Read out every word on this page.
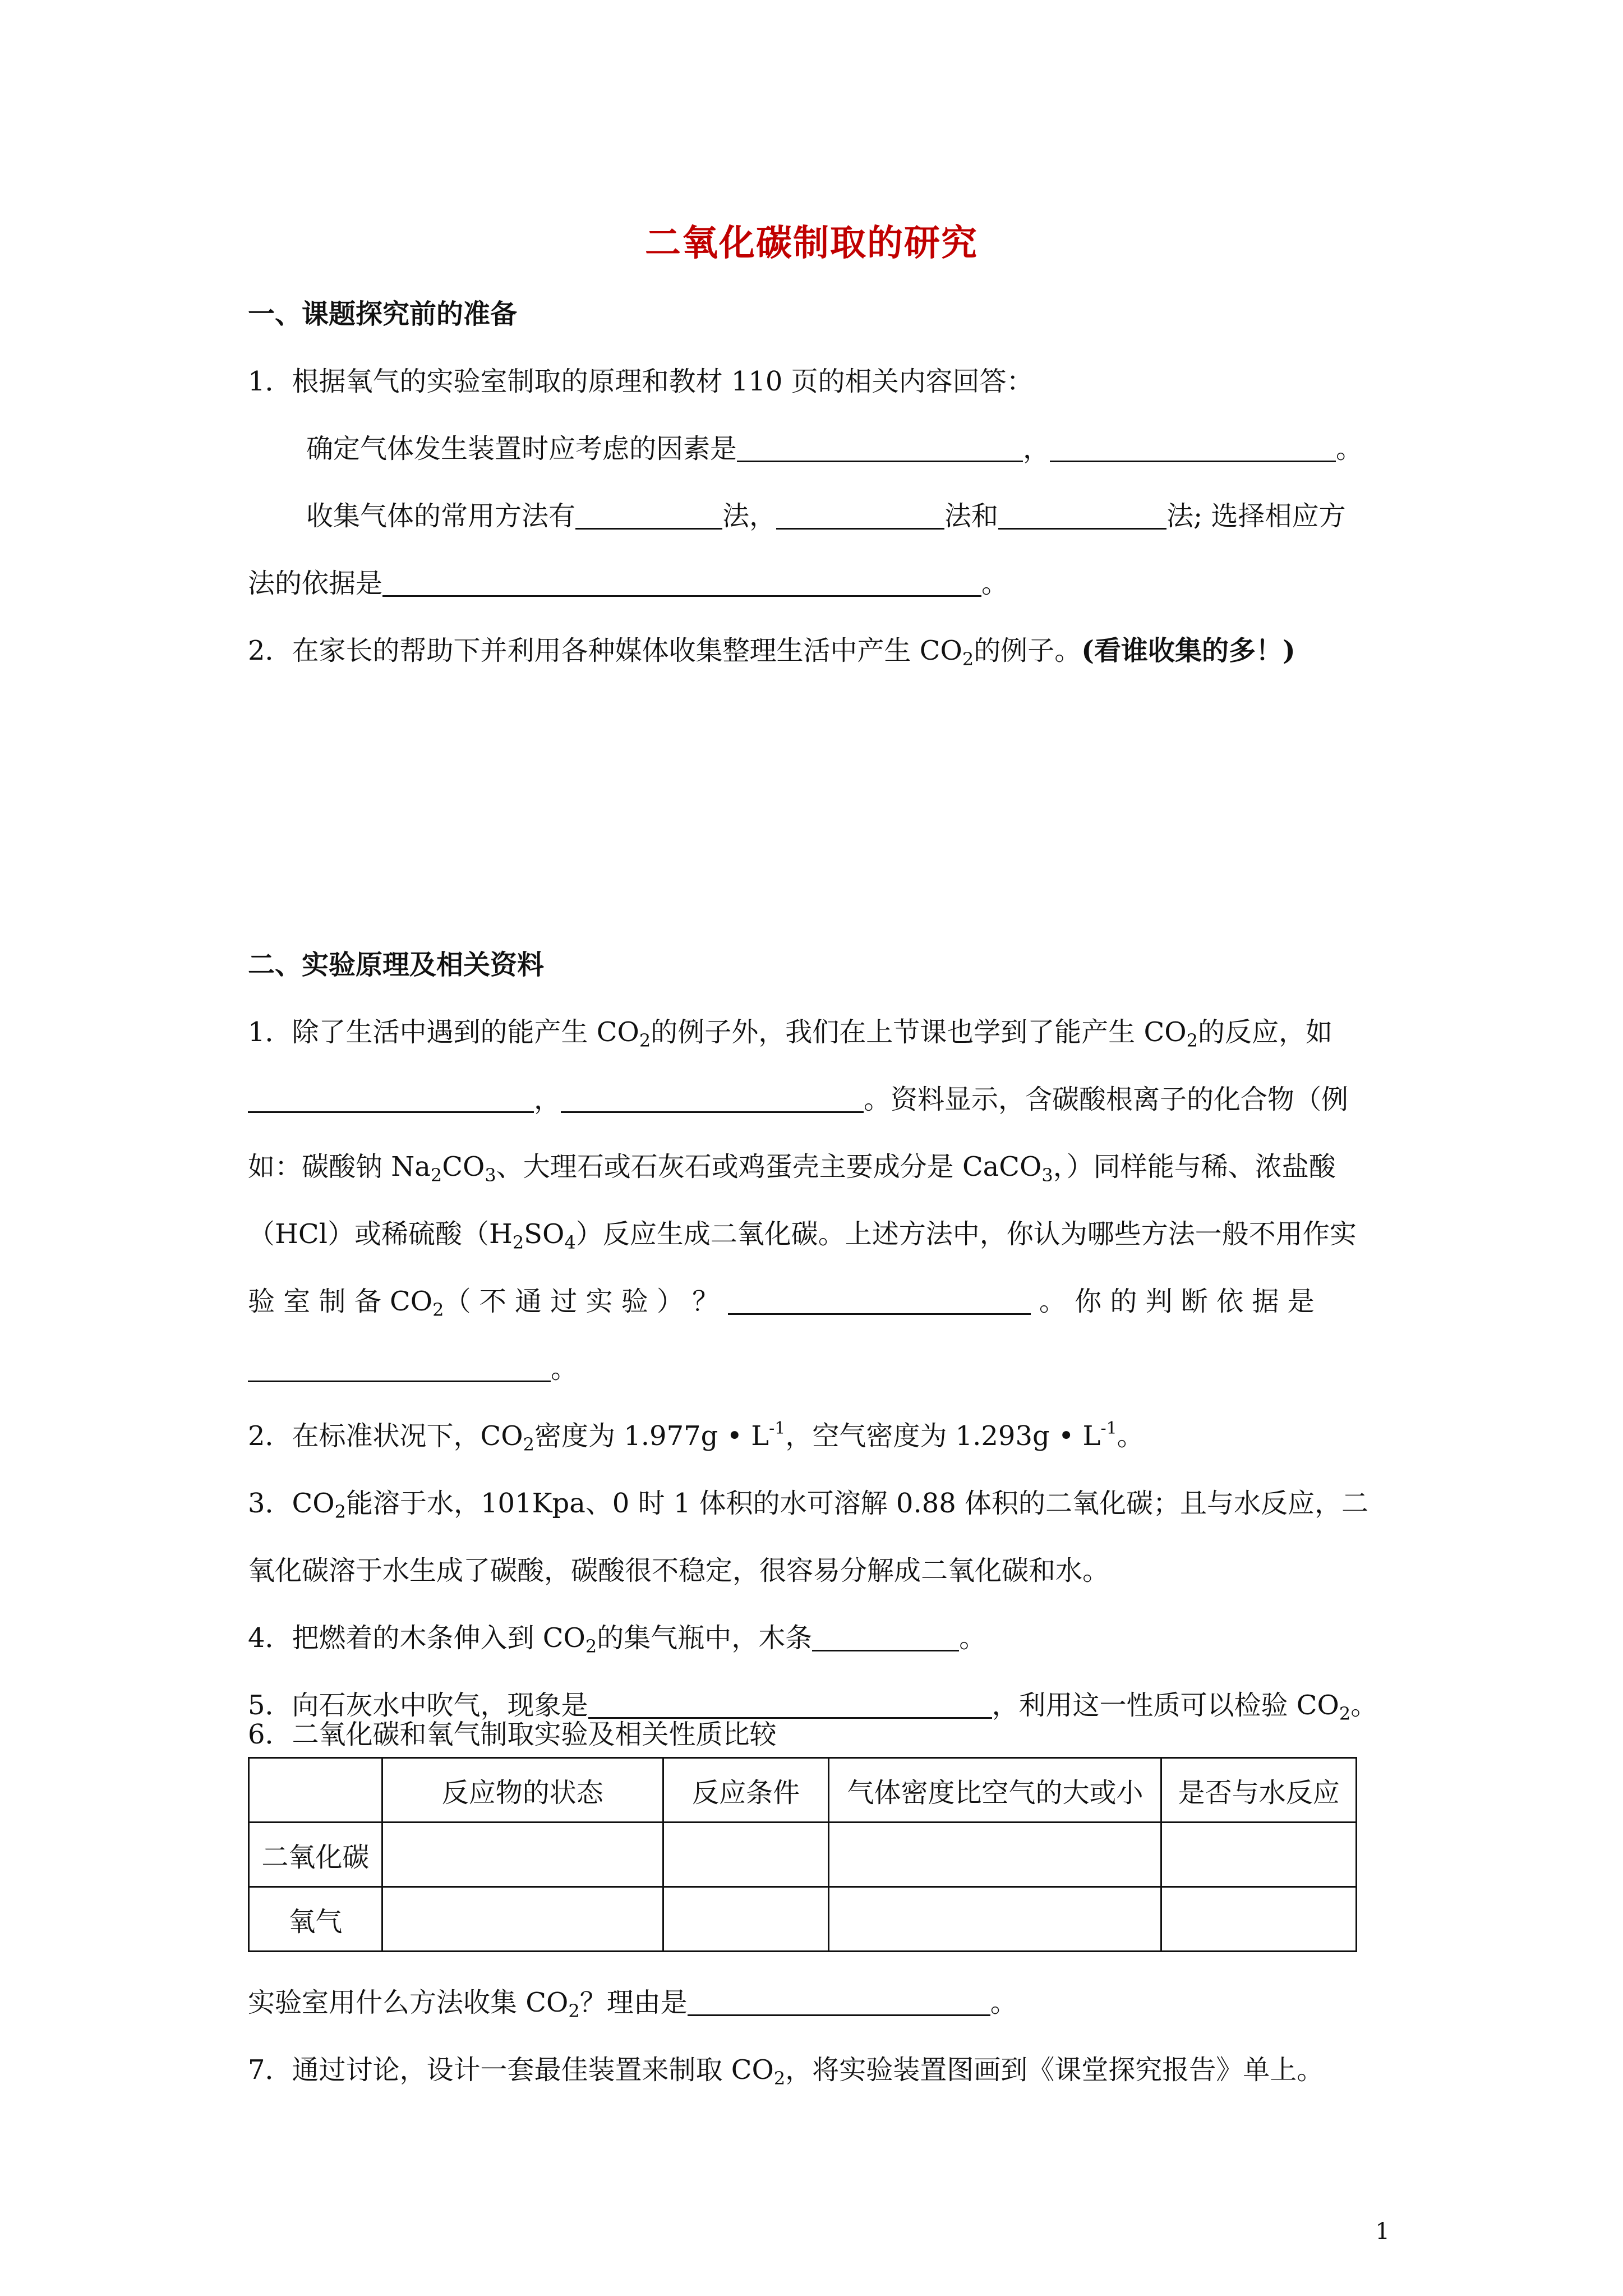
二氧化碳制取的研究
一、课题探究前的准备
1．根据氧气的实验室制取的原理和教材 110 页的相关内容回答：
确定气体发生装置时应考虑的因素是	，	。
收集气体的常用方法有	法，	法和	法; 选择相应方
法的依据是	。
2．在家长的帮助下并利用各种媒体收集整理生活中产生 $CO_2$的例子。(看谁收集的多！)
二、实验原理及相关资料
1．除了生活中遇到的能产生 $CO_2$的例子外，我们在上节课也学到了能产生 $CO_2$的反应，如
，	。资料显示，含碳酸根离子的化合物（例
如：碳酸钠 $Na_2CO_3$、大理石或石灰石或鸡蛋壳主要成分是 CaCO$_3$，）同样能与稀、浓盐酸
（HCl）或稀硫酸$(H_2SO_4)$反应生成二氧化碳。上述方法中，你认为哪些方法一般不用作实
验 室 制 备 $CO_2$（ 不 通 过 实 验 ） ？	。 你 的 判 断 依 据 是
。
2．在标准状况下，$CO_2$密度为 1.977g • $L^{-1}$，空气密度为 1.293g • $L^{-1}$。
3．$CO_2$能溶于水，101Kpa、0 时 1 体积的水可溶解 0.88 体积的二氧化碳；且与水反应，二
氧化碳溶于水生成了碳酸，碳酸很不稳定，很容易分解成二氧化碳和水。
4．把燃着的木条伸入到 $CO_2$的集气瓶中，木条	。
5．向石灰水中吹气，现象是	，利用这一性质可以检验 $CO_2$。
6．二氧化碳和氧气制取实验及相关性质比较
	反应物的状态	反应条件	气体密度比空气的大或小	是否与水反应
二氧化碳				
氧气				
实验室用什么方法收集 $CO_2$？理由是	。
7．通过讨论，设计一套最佳装置来制取 $CO_2$，将实验装置图画到《课堂探究报告》单上。
1
